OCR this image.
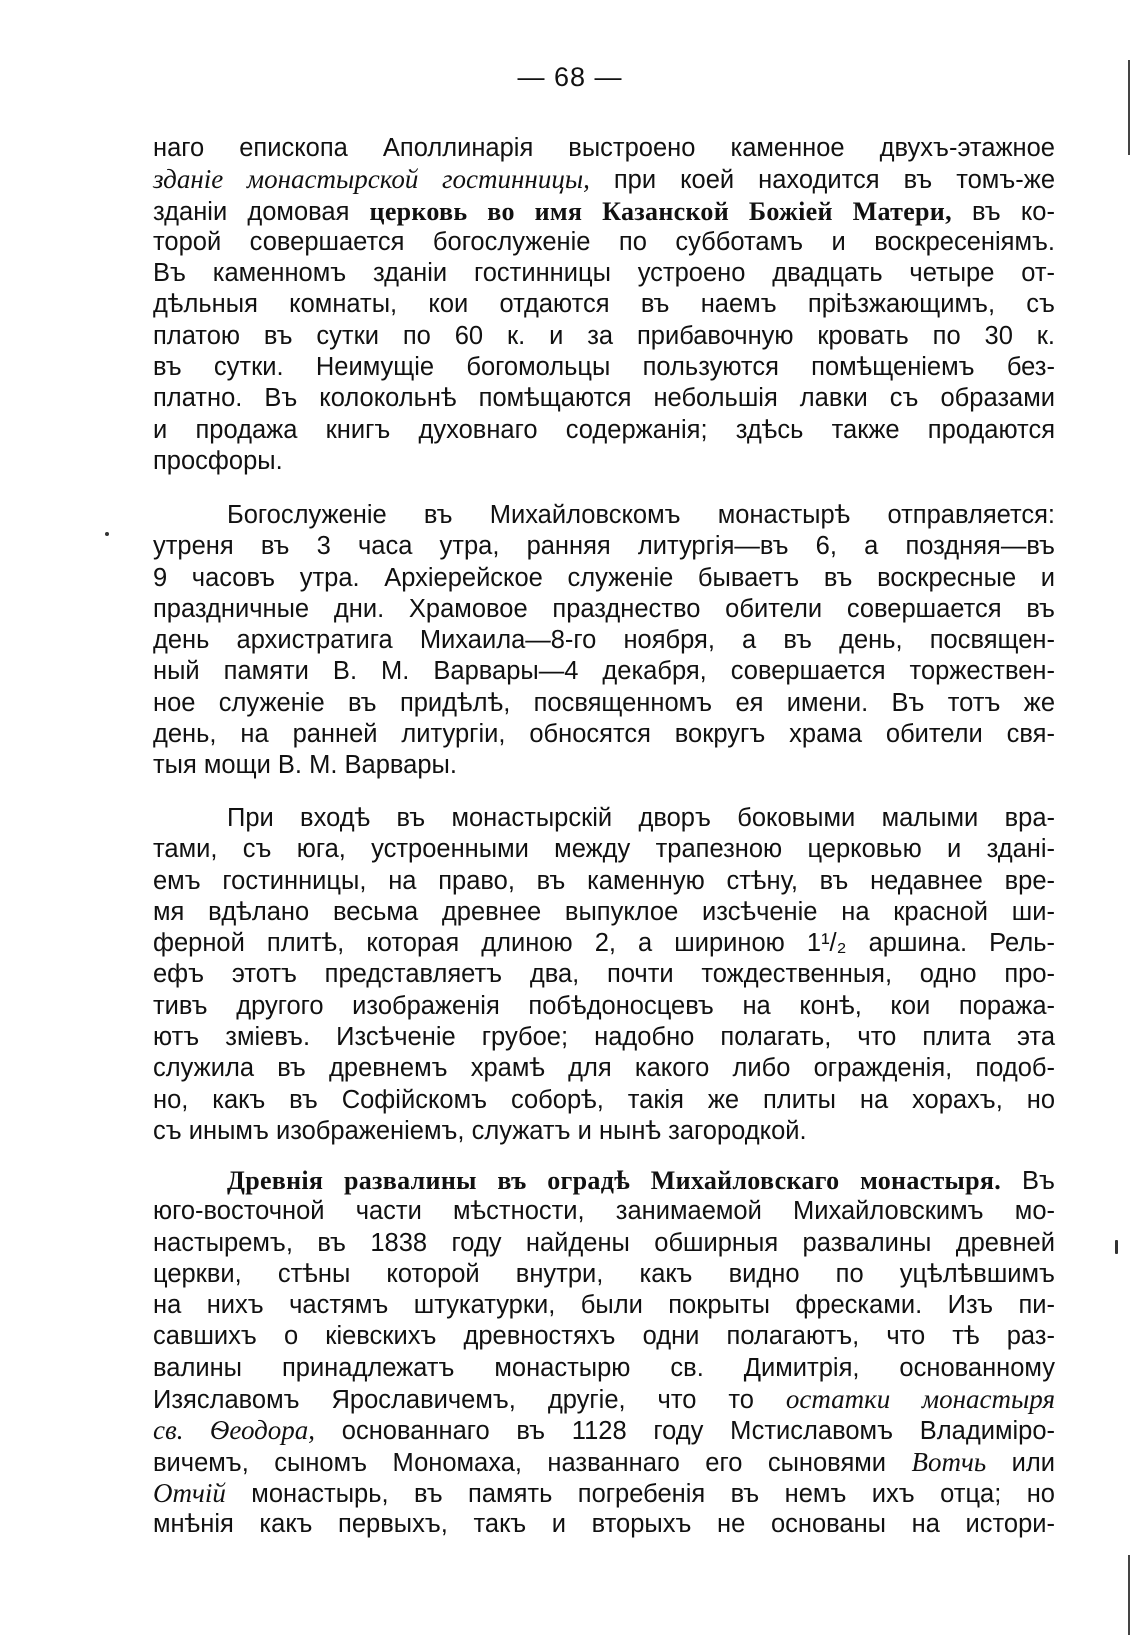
— 68 —
наго епископа Аполлинарія выстроено каменное двухъ-этажное
зданіе монастырской гостинницы, при коей находится въ томъ-же
зданіи домовая церковь во имя Казанской Божіей Матери, въ ко-
торой совершается богослуженіе по субботамъ и воскресеніямъ.
Въ каменномъ зданіи гостинницы устроено двадцать четыре от-
дѣльныя комнаты, кои отдаются въ наемъ пріѣзжающимъ, съ
платою въ сутки по 60 к. и за прибавочную кровать по 30 к.
въ сутки. Неимущіе богомольцы пользуются помѣщеніемъ без-
платно. Въ колокольнѣ помѣщаются небольшія лавки съ образами
и продажа книгъ духовнаго содержанія; здѣсь также продаются
просфоры.
Богослуженіе въ Михайловскомъ монастырѣ отправляется:
утреня въ 3 часа утра, ранняя литургія—въ 6, а поздняя—въ
9 часовъ утра. Архіерейское служеніе бываетъ въ воскресные и
праздничные дни. Храмовое празднество обители совершается въ
день архистратига Михаила—8-го ноября, а въ день, посвящен-
ный памяти В. М. Варвары—4 декабря, совершается торжествен-
ное служеніе въ придѣлѣ, посвященномъ ея имени. Въ тотъ же
день, на ранней литургіи, обносятся вокругъ храма обители свя-
тыя мощи В. М. Варвары.
При входѣ въ монастырскій дворъ боковыми малыми вра-
тами, съ юга, устроенными между трапезною церковью и здані-
емъ гостинницы, на право, въ каменную стѣну, въ недавнее вре-
мя вдѣлано весьма древнее выпуклое изсѣченіе на красной ши-
ферной плитѣ, которая длиною 2, а шириною 1¹/₂ аршина. Рель-
ефъ этотъ представляетъ два, почти тождественныя, одно про-
тивъ другого изображенія побѣдоносцевъ на конѣ, кои поража-
ютъ зміевъ. Изсѣченіе грубое; надобно полагать, что плита эта
служила въ древнемъ храмѣ для какого либо огражденія, подоб-
но, какъ въ Софійскомъ соборѣ, такія же плиты на хорахъ, но
съ инымъ изображеніемъ, служатъ и нынѣ загородкой.
Древнія развалины въ оградѣ Михайловскаго монастыря. Въ
юго-восточной части мѣстности, занимаемой Михайловскимъ мо-
настыремъ, въ 1838 году найдены обширныя развалины древней
церкви, стѣны которой внутри, какъ видно по уцѣлѣвшимъ
на нихъ частямъ штукатурки, были покрыты фресками. Изъ пи-
савшихъ о кіевскихъ древностяхъ одни полагаютъ, что тѣ раз-
валины принадлежатъ монастырю св. Димитрія, основанному
Изяславомъ Ярославичемъ, другіе, что то остатки монастыря
св. Ѳеодора, основаннаго въ 1128 году Мстиславомъ Владиміро-
вичемъ, сыномъ Мономаха, названнаго его сыновями Вотчь или
Отчій монастырь, въ память погребенія въ немъ ихъ отца; но
мнѣнія какъ первыхъ, такъ и вторыхъ не основаны на истори-
